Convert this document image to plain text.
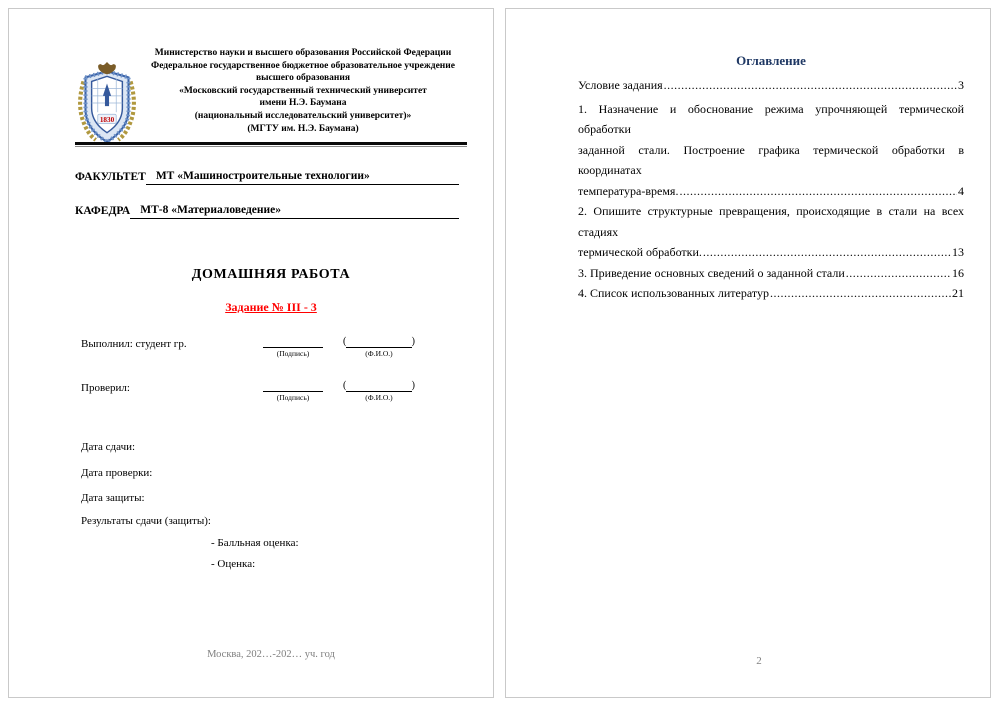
1830
Министерство науки и высшего образования Российской Федерации
Федеральное государственное бюджетное образовательное учреждение
высшего образования
«Московский государственный технический университет
имени Н.Э. Баумана
(национальный исследовательский университет)»
(МГТУ им. Н.Э. Баумана)
ФАКУЛЬТЕТ МТ «Машиностроительные технологии»
КАФЕДРА МТ-8 «Материаловедение»
ДОМАШНЯЯ РАБОТА
Задание № III - 3
Выполнил: студент гр.
(Подпись)
(	)
(Ф.И.О.)
Проверил:
(Подпись)
(	)
(Ф.И.О.)
Дата сдачи:
Дата проверки:
Дата защиты:
Результаты сдачи (защиты):
- Балльная оценка:
- Оценка:
Москва, 202…-202… уч. год
Оглавление
Условие задания .....	3
1. Назначение и обоснование режима упрочняющей термической обработки
заданной стали. Построение графика термической обработки в координатах
температура-время. .....	4
2. Опишите структурные превращения, происходящие в стали на всех стадиях
термической обработки. .....	13
3. Приведение основных сведений о заданной стали .....	16
4. Список использованных литератур .....	21
2
